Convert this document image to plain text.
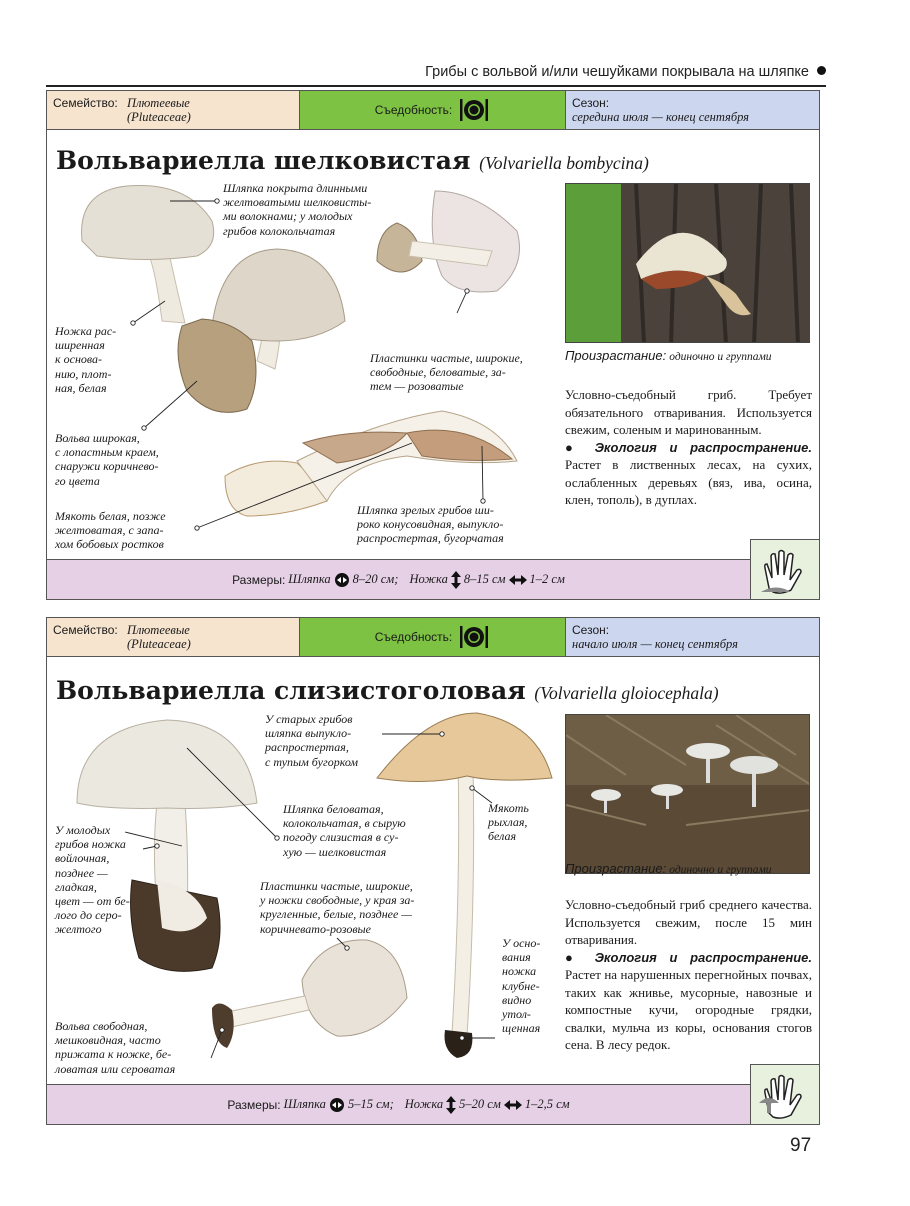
Грибы с вольвой и/или чешуйками покрывала на шляпке
Семейство: Плютеевые
(Pluteaceae)	Съедобность:	Сезон:
середина июля — конец сентября
Вольвариелла шелковистая (Volvariella bombycina)
Шляпка покрыта длинными
желтоватыми шелковисты-
ми волокнами; у молодых
грибов колокольчатая
Ножка рас-
ширенная
к основа-
нию, плот-
ная, белая
Вольва широкая,
с лопастным краем,
снаружи коричнево-
го цвета
Пластинки частые, широкие,
свободные, беловатые, за-
тем — розоватые
Мякоть белая, позже
желтоватая, с запа-
хом бобовых ростков
Шляпка зрелых грибов ши-
роко конусовидная, выпукло-
распростертая, бугорчатая
Произрастание: одиночно и группами
Условно-съедобный гриб. Требует обязательного отваривания. Используется свежим, соленым и маринованным.
● Экология и распространение. Растет в лиственных лесах, на сухих, ослабленных деревьях (вяз, ива, осина, клен, тополь), в дуплах.
Размеры: Шляпка 8–20 см; Ножка 8–15 см 1–2 см
Семейство: Плютеевые
(Pluteaceae)	Съедобность:	Сезон:
начало июля — конец сентября
Вольвариелла слизистоголовая (Volvariella gloiocephala)
У старых грибов
шляпка выпукло-
распростертая,
с тупым бугорком
У молодых
грибов ножка
войлочная,
позднее —
гладкая,
цвет — от бе-
лого до серо-
желтого
Шляпка беловатая,
колокольчатая, в сырую
погоду слизистая в су-
хую — шелковистая
Мякоть
рыхлая,
белая
Пластинки частые, широкие,
у ножки свободные, у края за-
кругленные, белые, позднее —
коричневато-розовые
У осно-
вания
ножка
клубне-
видно
утол-
щенная
Вольва свободная,
мешковидная, часто
прижата к ножке, бе-
ловатая или сероватая
Произрастание: одиночно и группами
Условно-съедобный гриб среднего качества. Используется свежим, после 15 мин отваривания.
● Экология и распространение. Растет на нарушенных перегнойных почвах, таких как жнивье, мусорные, навозные и компостные кучи, огородные грядки, свалки, мульча из коры, основания стогов сена. В лесу редок.
Размеры: Шляпка 5–15 см; Ножка 5–20 см 1–2,5 см
97
